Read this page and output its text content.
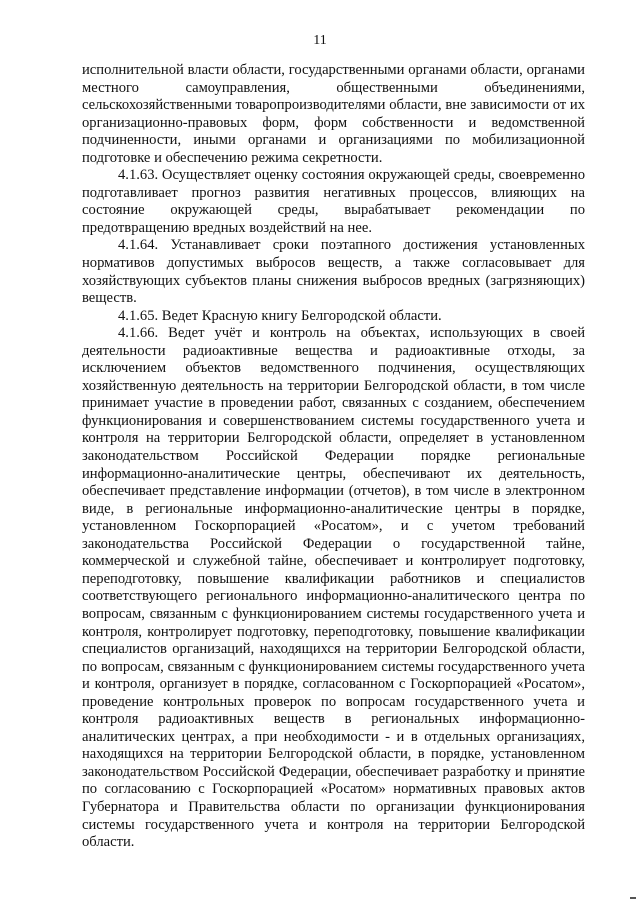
11

исполнительной власти области, государственными органами области, органами местного самоуправления, общественными объединениями, сельскохозяйственными товаропроизводителями области, вне зависимости от их организационно-правовых форм, форм собственности и ведомственной подчиненности, иными органами и организациями по мобилизационной подготовке и обеспечению режима секретности.

4.1.63. Осуществляет оценку состояния окружающей среды, своевременно подготавливает прогноз развития негативных процессов, влияющих на состояние окружающей среды, вырабатывает рекомендации по предотвращению вредных воздействий на нее.

4.1.64. Устанавливает сроки поэтапного достижения установленных нормативов допустимых выбросов веществ, а также согласовывает для хозяйствующих субъектов планы снижения выбросов вредных (загрязняющих) веществ.

4.1.65. Ведет Красную книгу Белгородской области.

4.1.66. Ведет учёт и контроль на объектах, использующих в своей деятельности радиоактивные вещества и радиоактивные отходы, за исключением объектов ведомственного подчинения, осуществляющих хозяйственную деятельность на территории Белгородской области, в том числе принимает участие в проведении работ, связанных с созданием, обеспечением функционирования и совершенствованием системы государственного учета и контроля на территории Белгородской области, определяет в установленном законодательством Российской Федерации порядке региональные информационно-аналитические центры, обеспечивают их деятельность, обеспечивает представление информации (отчетов), в том числе в электронном виде, в региональные информационно-аналитические центры в порядке, установленном Госкорпорацией «Росатом», и с учетом требований законодательства Российской Федерации о государственной тайне, коммерческой и служебной тайне, обеспечивает и контролирует подготовку, переподготовку, повышение квалификации работников и специалистов соответствующего регионального информационно-аналитического центра по вопросам, связанным с функционированием системы государственного учета и контроля, контролирует подготовку, переподготовку, повышение квалификации специалистов организаций, находящихся на территории Белгородской области, по вопросам, связанным с функционированием системы государственного учета и контроля, организует в порядке, согласованном с Госкорпорацией «Росатом», проведение контрольных проверок по вопросам государственного учета и контроля радиоактивных веществ в региональных информационно-аналитических центрах, а при необходимости - и в отдельных организациях, находящихся на территории Белгородской области, в порядке, установленном законодательством Российской Федерации, обеспечивает разработку и принятие по согласованию с Госкорпорацией «Росатом» нормативных правовых актов Губернатора и Правительства области по организации функционирования системы государственного учета и контроля на территории Белгородской области.
